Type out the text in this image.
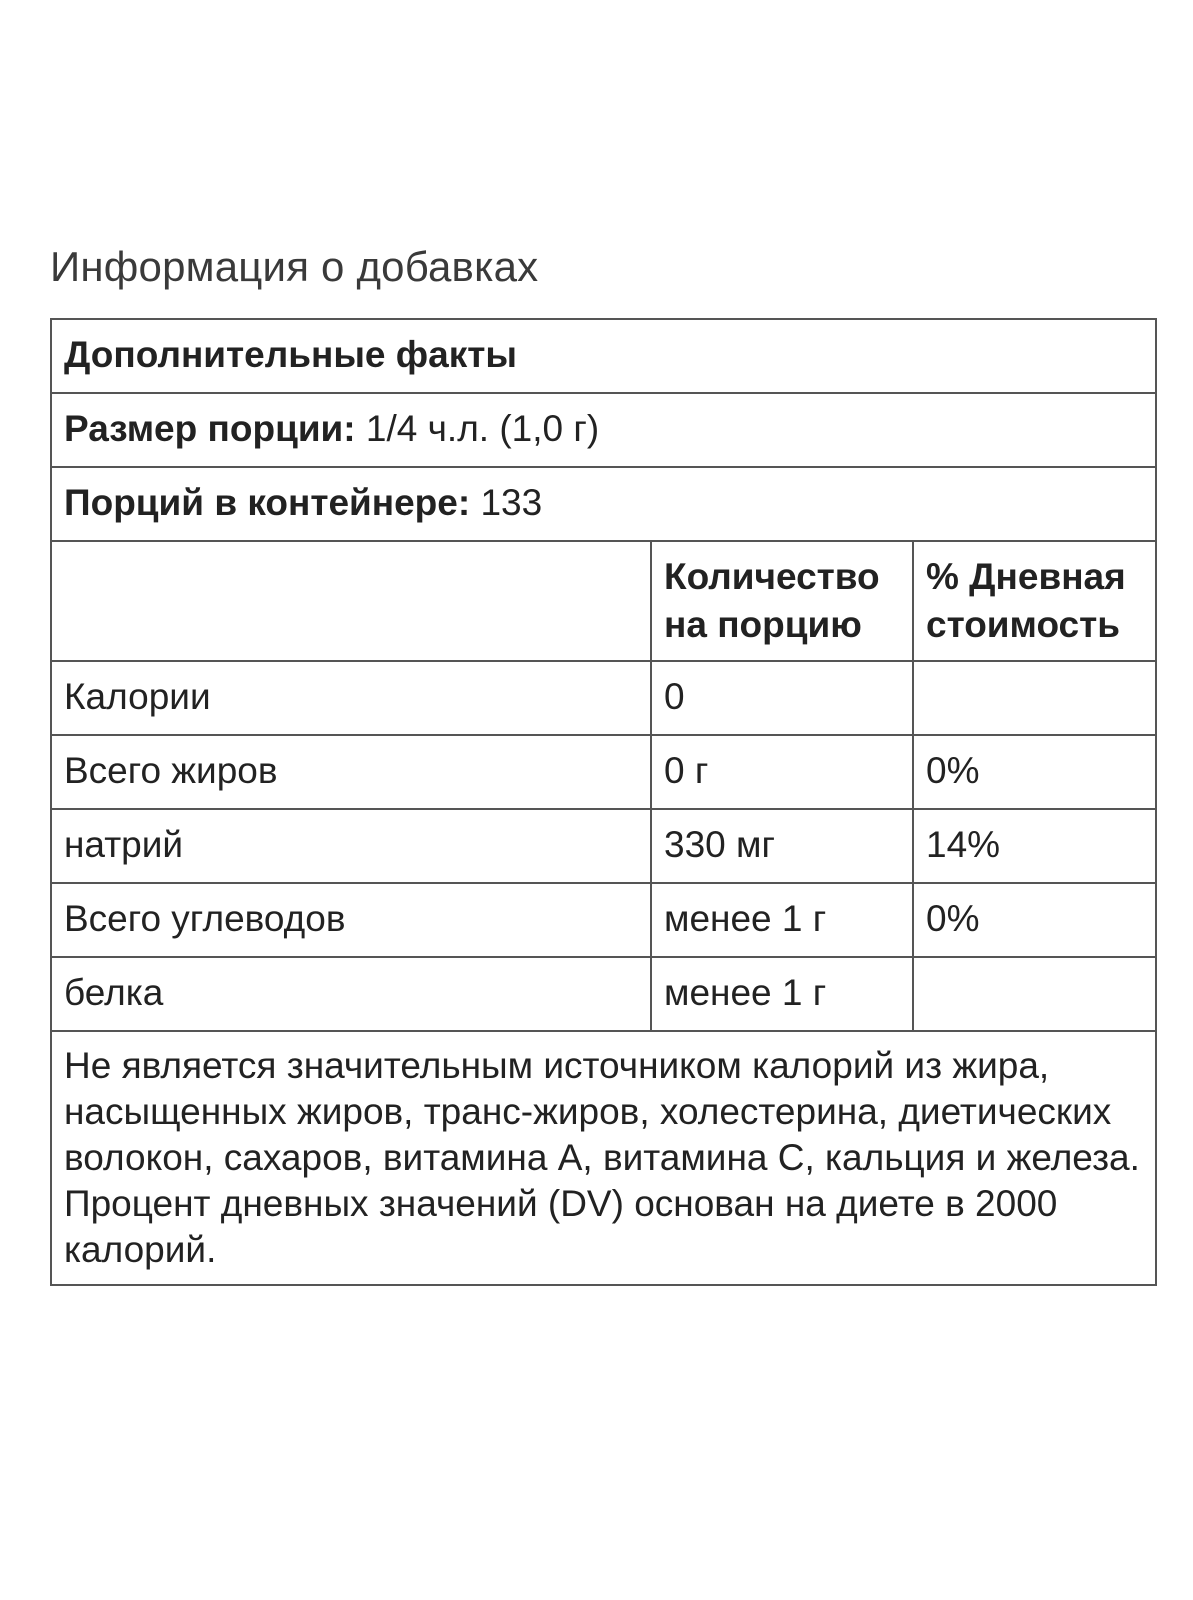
Информация о добавках
Дополнительные факты		
Размер порции: 1/4 ч.л. (1,0 г)		
Порций в контейнере: 133		
	Количество на порцию	% Дневная стоимость
Калории	0	
Всего жиров	0 г	0%
натрий	330 мг	14%
Всего углеводов	менее 1 г	0%
белка	менее 1 г	
Не является значительным источником калорий из жира, насыщенных жиров, транс-жиров, холестерина, диетических волокон, сахаров, витамина А, витамина С, кальция и железа. Процент дневных значений (DV) основан на диете в 2000 калорий.		
